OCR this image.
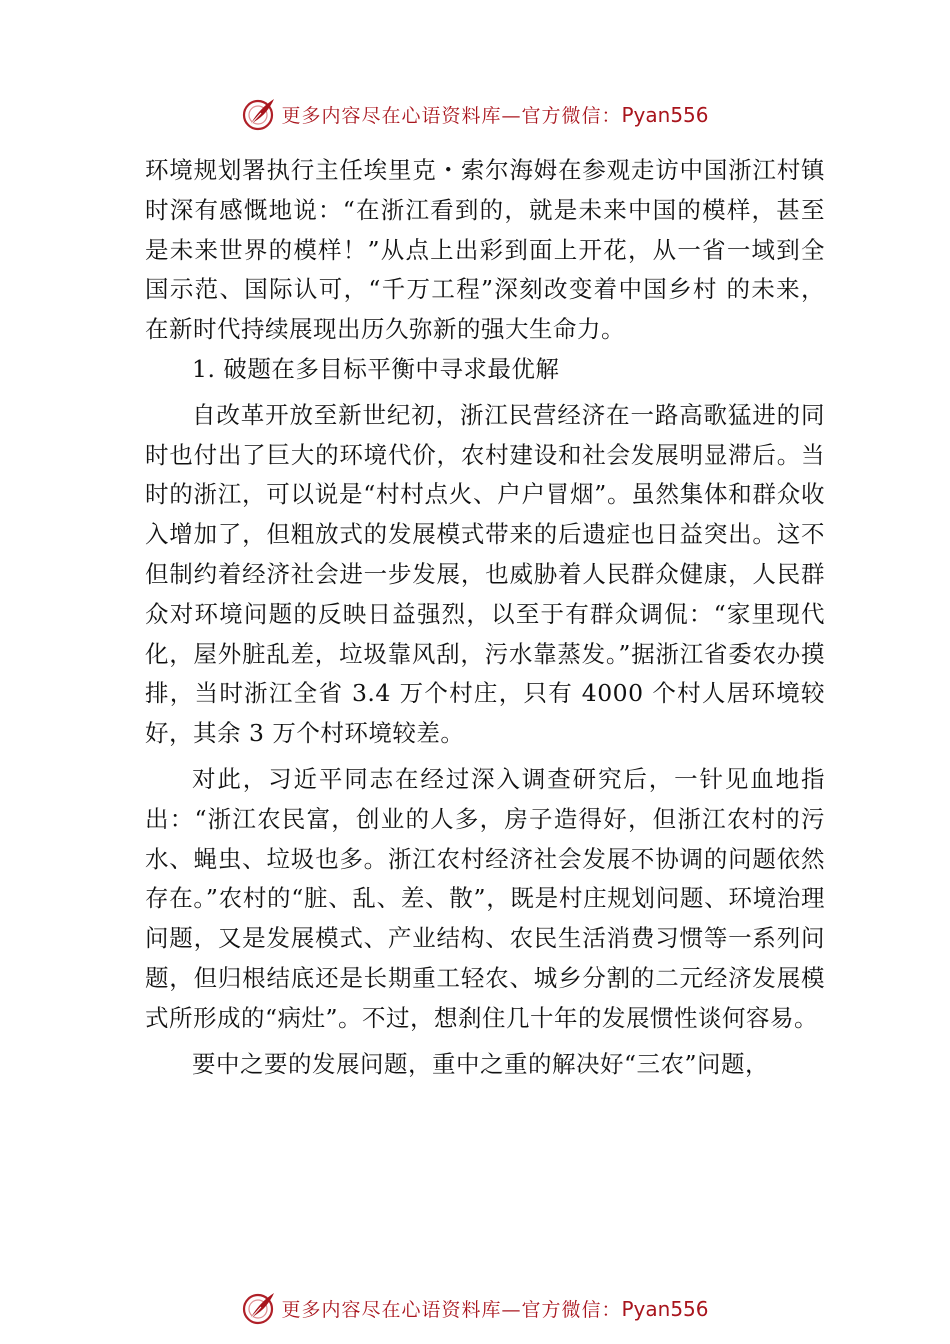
更多内容尽在心语资料库—官方微信：Pyan556

环境规划署执行主任埃里克・索尔海姆在参观走访中国浙江村镇时深有感慨地说：“在浙江看到的，就是未来中国的模样，甚至是未来世界的模样！”从点上出彩到面上开花，从一省一域到全国示范、国际认可，“千万工程”深刻改变着中国乡村 的未来，在新时代持续展现出历久弥新的强大生命力。

1. 破题在多目标平衡中寻求最优解

自改革开放至新世纪初，浙江民营经济在一路高歌猛进的同时也付出了巨大的环境代价，农村建设和社会发展明显滞后。当时的浙江，可以说是“村村点火、户户冒烟”。虽然集体和群众收入增加了，但粗放式的发展模式带来的后遗症也日益突出。这不但制约着经济社会进一步发展，也威胁着人民群众健康，人民群众对环境问题的反映日益强烈，以至于有群众调侃：“家里现代化，屋外脏乱差，垃圾靠风刮，污水靠蒸发。”据浙江省委农办摸排，当时浙江全省 3.4 万个村庄，只有 4000 个村人居环境较好，其余 3 万个村环境较差。

对此，习近平同志在经过深入调查研究后，一针见血地指出：“浙江农民富，创业的人多，房子造得好，但浙江农村的污水、蝇虫、垃圾也多。浙江农村经济社会发展不协调的问题依然存在。”农村的“脏、乱、差、散”，既是村庄规划问题、环境治理问题，又是发展模式、产业结构、农民生活消费习惯等一系列问题，但归根结底还是长期重工轻农、城乡分割的二元经济发展模式所形成的“病灶”。不过，想刹住几十年的发展惯性谈何容易。

要中之要的发展问题，重中之重的解决好“三农”问题，

更多内容尽在心语资料库—官方微信：Pyan556
